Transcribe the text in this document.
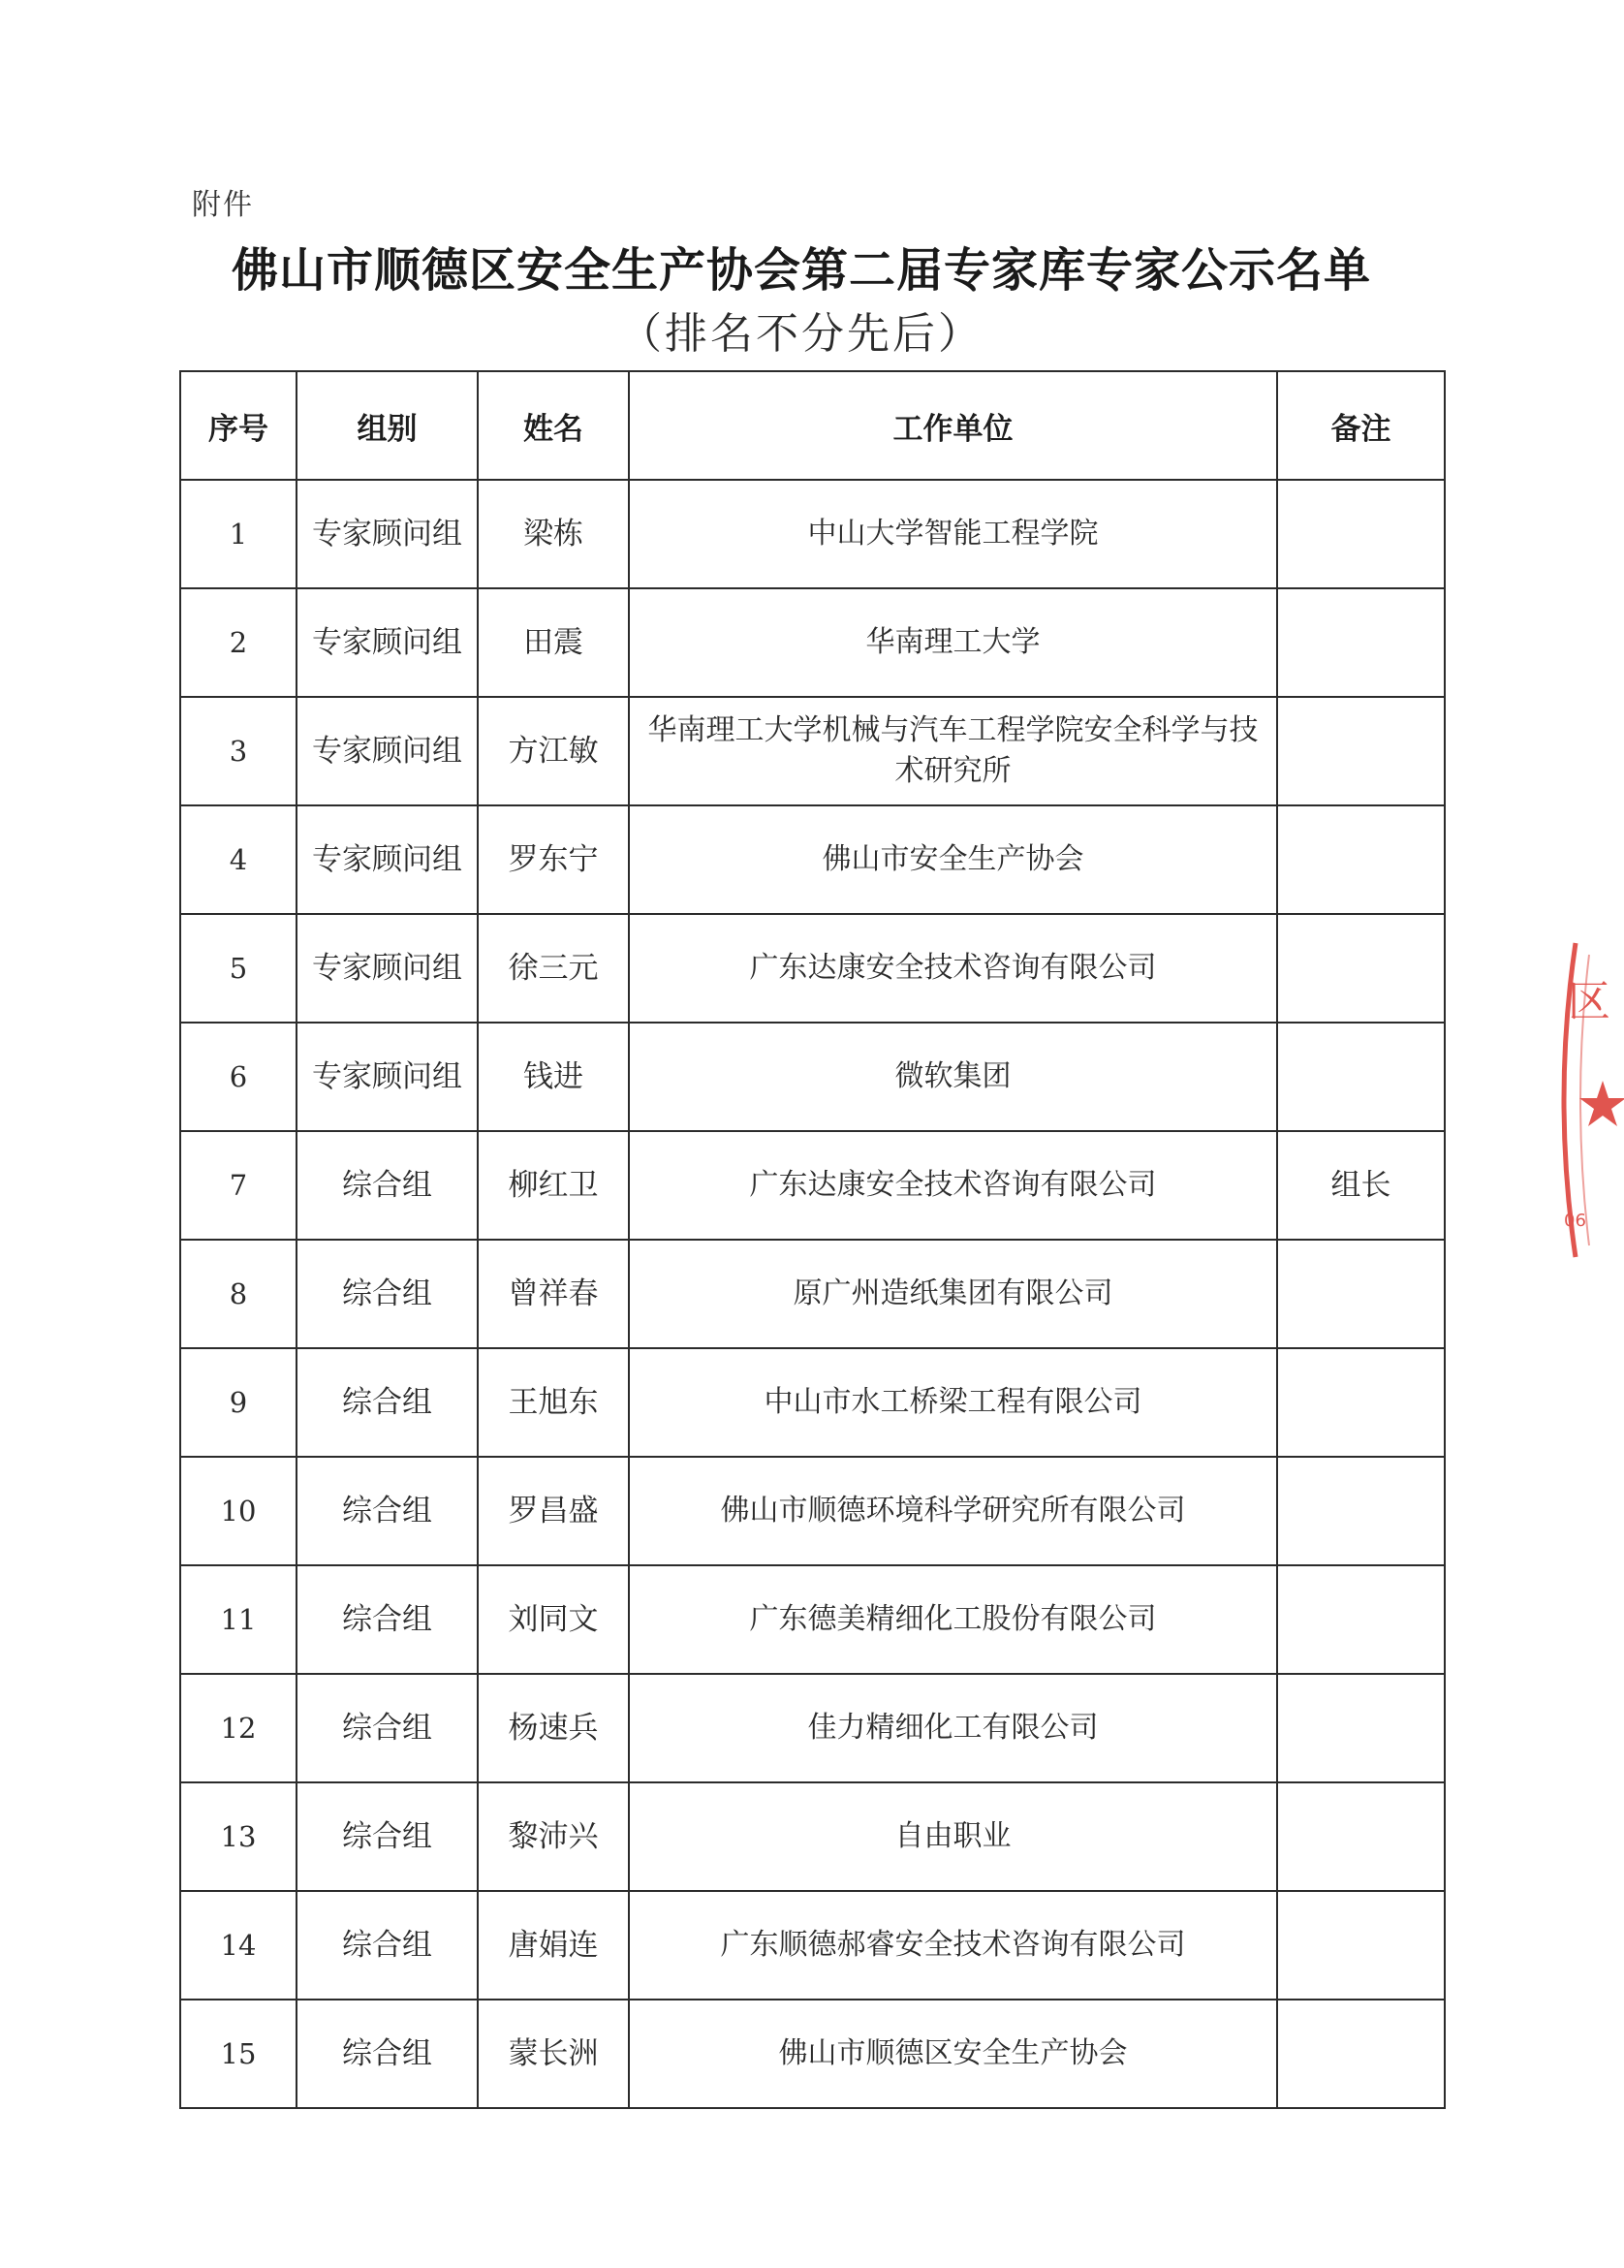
附件
佛山市顺德区安全生产协会第二届专家库专家公示名单
（排名不分先后）
序号	组别	姓名	工作单位	备注
1	专家顾问组	梁栋	中山大学智能工程学院	
2	专家顾问组	田震	华南理工大学	
3	专家顾问组	方江敏	华南理工大学机械与汽车工程学院安全科学与技术研究所	
4	专家顾问组	罗东宁	佛山市安全生产协会	
5	专家顾问组	徐三元	广东达康安全技术咨询有限公司	
6	专家顾问组	钱进	微软集团	
7	综合组	柳红卫	广东达康安全技术咨询有限公司	组长
8	综合组	曾祥春	原广州造纸集团有限公司	
9	综合组	王旭东	中山市水工桥梁工程有限公司	
10	综合组	罗昌盛	佛山市顺德环境科学研究所有限公司	
11	综合组	刘同文	广东德美精细化工股份有限公司	
12	综合组	杨速兵	佳力精细化工有限公司	
13	综合组	黎沛兴	自由职业	
14	综合组	唐娟连	广东顺德郝睿安全技术咨询有限公司	
15	综合组	蒙长洲	佛山市顺德区安全生产协会	
区
06
